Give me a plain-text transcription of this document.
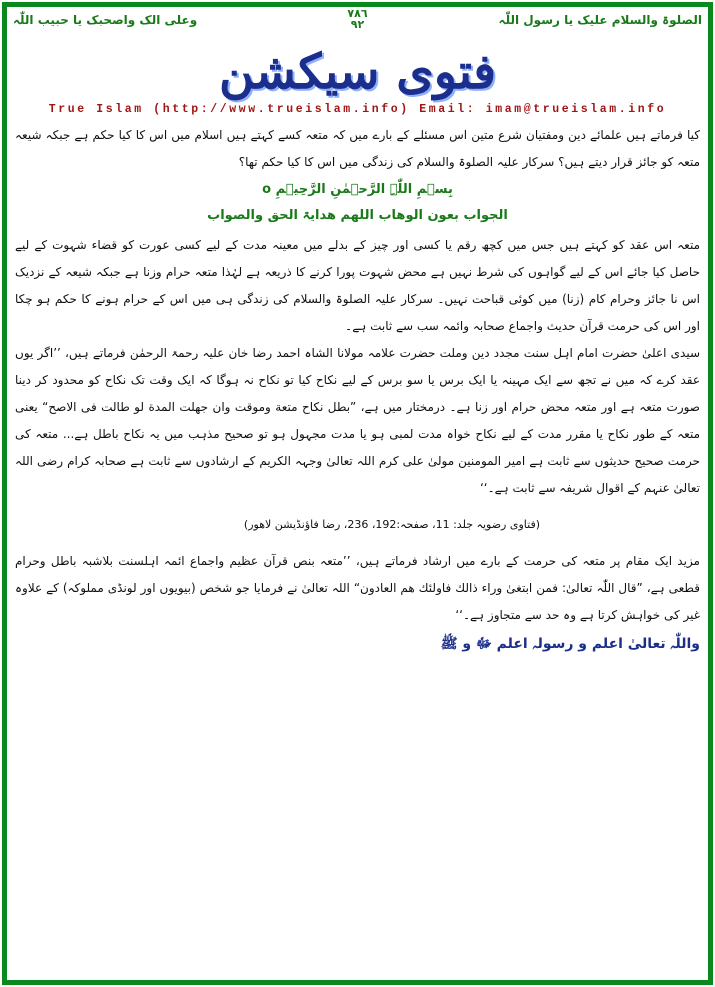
وعلی الک واصحبک یا حبیب اللّٰہ	٧٨٦
۹۲	الصلوۃ والسلام علیک یا رسول اللّٰہ
فتوی سیکشن
True Islam (http://www.trueislam.info) Email: imam@trueislam.info

کیا فرماتے ہیں علمائے دین ومفتیان شرع متین اس مسئلے کے بارے میں کہ متعہ کسے کہتے ہیں اسلام میں اس کا کیا حکم ہے جبکہ شیعہ متعہ کو جائز قرار دیتے ہیں؟ سرکار علیہ الصلوۃ والسلام کی زندگی میں اس کا کیا حکم تھا؟

بِسۡمِ اللّٰہِ الرَّحۡمٰنِ الرَّحِیۡمِ o

الجواب بعون الوھاب اللھم ھدایۃ الحق والصواب

متعہ اس عقد کو کہتے ہیں جس میں کچھ رقم یا کسی اور چیز کے بدلے میں معینہ مدت کے لیے کسی عورت کو قضاء شہوت کے لیے حاصل کیا جائے اس کے لیے گواہوں کی شرط نہیں ہے محض شہوت پورا کرنے کا ذریعہ ہے لہٰذا متعہ حرام وزنا ہے جبکہ شیعہ کے نزدیک اس نا جائز وحرام کام (زنا) میں کوئی قباحت نہیں۔ سرکار علیہ الصلوۃ والسلام کی زندگی ہی میں اس کے حرام ہونے کا حکم ہو چکا اور اس کی حرمت قرآن حدیث واجماع صحابہ وائمہ سب سے ثابت ہے۔

سیدی اعلیٰ حضرت امام اہل سنت مجدد دین وملت حضرت علامہ مولانا الشاہ احمد رضا خان علیہ رحمۃ الرحمٰن فرماتے ہیں، ’’اگر یوں عقد کرے کہ میں نے تجھ سے ایک مہینہ یا ایک برس یا سو برس کے لیے نکاح کیا تو نکاح نہ ہوگا کہ ایک وقت تک نکاح کو محدود کر دینا صورت متعہ ہے اور متعہ محض حرام اور زنا ہے۔ درمختار میں ہے، ”بطل نکاح متعة وموقت وان جھلت المدة لو طالت فی الاصح“ یعنی متعہ کے طور نکاح یا مقرر مدت کے لیے نکاح خواہ مدت لمبی ہو یا مدت مجہول ہو تو صحیح مذہب میں یہ نکاح باطل ہے... متعہ کی حرمت صحیح حدیثوں سے ثابت ہے امیر المومنین مولیٰ علی کرم اللہ تعالیٰ وجہہ الکریم کے ارشادوں سے ثابت ہے صحابہ کرام رضی اللہ تعالیٰ عنہم کے اقوال شریفہ سے ثابت ہے۔‘‘

(فتاوی رضویہ جلد: 11، صفحہ:192، 236، رضا فاؤنڈیشن لاھور)

مزید ایک مقام پر متعہ کی حرمت کے بارے میں ارشاد فرماتے ہیں، ’’متعہ بنص قرآن عظیم واجماع ائمہ اہلسنت بلاشبہ باطل وحرام قطعی ہے، ”قال اللّٰہ تعالیٰ: فمن ابتغیٰ وراء ذالك فاولئك ھم العادون“ اللہ تعالیٰ نے فرمایا جو شخص (بیویوں اور لونڈی مملوکہ) کے علاوہ غیر کی خواہش کرتا ہے وہ حد سے متجاوز ہے۔‘‘

واللّٰہ تعالیٰ اعلم و رسولہ اعلم ﷻ و ﷺ
